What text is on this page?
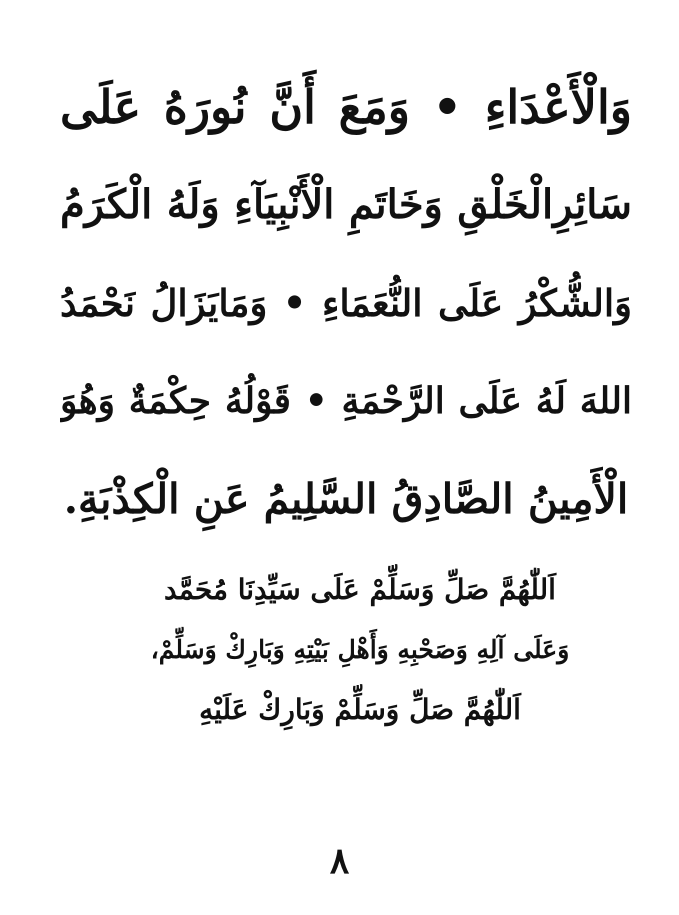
وَالْأَعْدَاءِ • وَمَعَ أَنَّ نُورَهُ عَلَى
سَائِرِالْخَلْقِ وَخَاتَمِ الْأَنْبِيَآءِ وَلَهُ الْكَرَمُ
وَالشُّكْرُ عَلَى النُّعَمَاءِ • وَمَايَزَالُ نَحْمَدُ
اللهَ لَهُ عَلَى الرَّحْمَةِ • قَوْلُهُ حِكْمَةٌ وَهُوَ
الْأَمِينُ الصَّادِقُ السَّلِيمُ عَنِ الْكِذْبَةِ.
اَللّٰهُمَّ صَلِّ وَسَلِّمْ عَلَى سَيِّدِنَا مُحَمَّد
وَعَلَى آلِهِ وَصَحْبِهِ وَأَهْلِ بَيْتِهِ وَبَارِكْ وَسَلِّمْ،
اَللّٰهُمَّ صَلِّ وَسَلِّمْ وَبَارِكْ عَلَيْهِ
٨
